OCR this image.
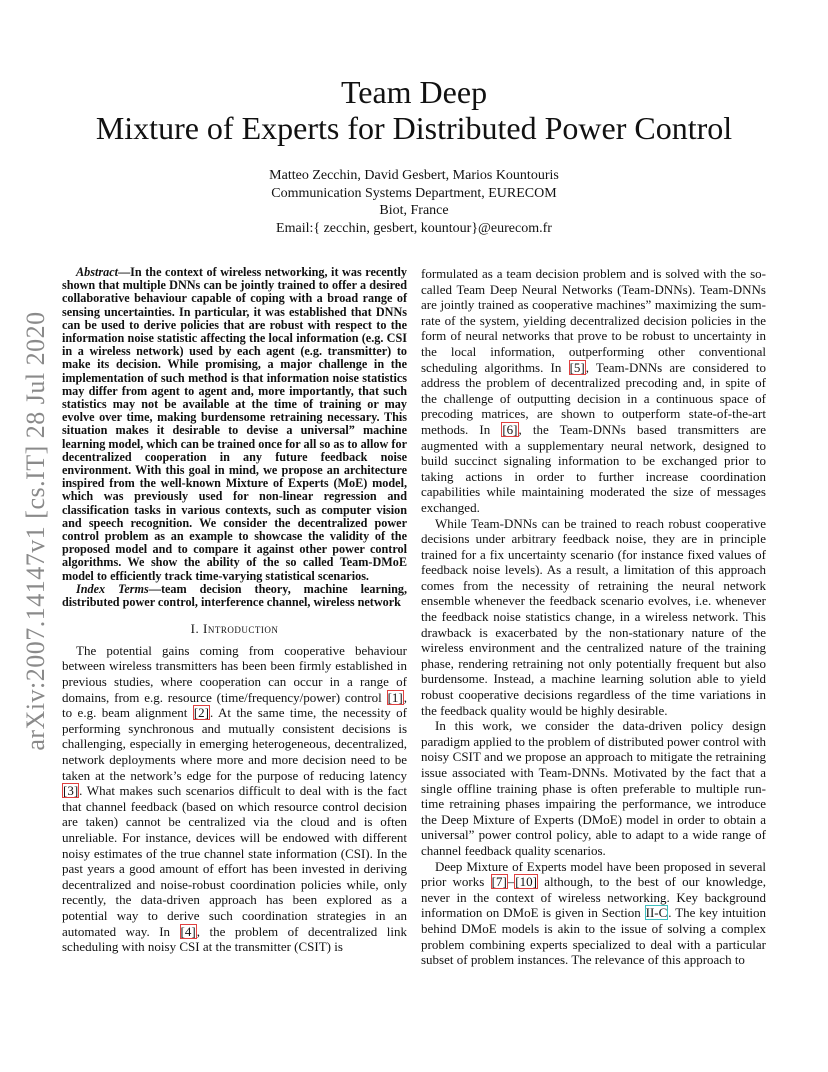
arXiv:2007.14147v1 [cs.IT] 28 Jul 2020
Team Deep
Mixture of Experts for Distributed Power Control
Matteo Zecchin, David Gesbert, Marios Kountouris
Communication Systems Department, EURECOM
Biot, France
Email:{ zecchin, gesbert, kountour}@eurecom.fr

Abstract—In the context of wireless networking, it was recently shown that multiple DNNs can be jointly trained to offer a desired collaborative behaviour capable of coping with a broad range of sensing uncertainties. In particular, it was established that DNNs can be used to derive policies that are robust with respect to the information noise statistic affecting the local information (e.g. CSI in a wireless network) used by each agent (e.g. transmitter) to make its decision. While promising, a major challenge in the implementation of such method is that information noise statistics may differ from agent to agent and, more importantly, that such statistics may not be available at the time of training or may evolve over time, making burdensome retraining necessary. This situation makes it desirable to devise a universal” machine learning model, which can be trained once for all so as to allow for decentralized cooperation in any future feedback noise environment. With this goal in mind, we propose an architecture inspired from the well-known Mixture of Experts (MoE) model, which was previously used for non-linear regression and classification tasks in various contexts, such as computer vision and speech recognition. We consider the decentralized power control problem as an example to showcase the validity of the proposed model and to compare it against other power control algorithms. We show the ability of the so called Team-DMoE model to efficiently track time-varying statistical scenarios.

Index Terms—team decision theory, machine learning, distributed power control, interference channel, wireless network

I. Introduction

The potential gains coming from cooperative behaviour between wireless transmitters has been been firmly established in previous studies, where cooperation can occur in a range of domains, from e.g. resource (time/frequency/power) control [1], to e.g. beam alignment [2]. At the same time, the necessity of performing synchronous and mutually consistent decisions is challenging, especially in emerging heterogeneous, decentralized, network deployments where more and more decision need to be taken at the network’s edge for the purpose of reducing latency [3]. What makes such scenarios difficult to deal with is the fact that channel feedback (based on which resource control decision are taken) cannot be centralized via the cloud and is often unreliable. For instance, devices will be endowed with different noisy estimates of the true channel state information (CSI). In the past years a good amount of effort has been invested in deriving decentralized and noise-robust coordination policies while, only recently, the data-driven approach has been explored as a potential way to derive such coordination strategies in an automated way. In [4], the problem of decentralized link scheduling with noisy CSI at the transmitter (CSIT) is

formulated as a team decision problem and is solved with the so-called Team Deep Neural Networks (Team-DNNs). Team-DNNs are jointly trained as cooperative machines” maximizing the sum-rate of the system, yielding decentralized decision policies in the form of neural networks that prove to be robust to uncertainty in the local information, outperforming other conventional scheduling algorithms. In [5], Team-DNNs are considered to address the problem of decentralized precoding and, in spite of the challenge of outputting decision in a continuous space of precoding matrices, are shown to outperform state-of-the-art methods. In [6], the Team-DNNs based transmitters are augmented with a supplementary neural network, designed to build succinct signaling information to be exchanged prior to taking actions in order to further increase coordination capabilities while maintaining moderated the size of messages exchanged.

While Team-DNNs can be trained to reach robust cooperative decisions under arbitrary feedback noise, they are in principle trained for a fix uncertainty scenario (for instance fixed values of feedback noise levels). As a result, a limitation of this approach comes from the necessity of retraining the neural network ensemble whenever the feedback scenario evolves, i.e. whenever the feedback noise statistics change, in a wireless network. This drawback is exacerbated by the non-stationary nature of the wireless environment and the centralized nature of the training phase, rendering retraining not only potentially frequent but also burdensome. Instead, a machine learning solution able to yield robust cooperative decisions regardless of the time variations in the feedback quality would be highly desirable.

In this work, we consider the data-driven policy design paradigm applied to the problem of distributed power control with noisy CSIT and we propose an approach to mitigate the retraining issue associated with Team-DNNs. Motivated by the fact that a single offline training phase is often preferable to multiple run-time retraining phases impairing the performance, we introduce the Deep Mixture of Experts (DMoE) model in order to obtain a universal” power control policy, able to adapt to a wide range of channel feedback quality scenarios.

Deep Mixture of Experts model have been proposed in several prior works [7]–[10] although, to the best of our knowledge, never in the context of wireless networking. Key background information on DMoE is given in Section II-C. The key intuition behind DMoE models is akin to the issue of solving a complex problem combining experts specialized to deal with a particular subset of problem instances. The relevance of this approach to
